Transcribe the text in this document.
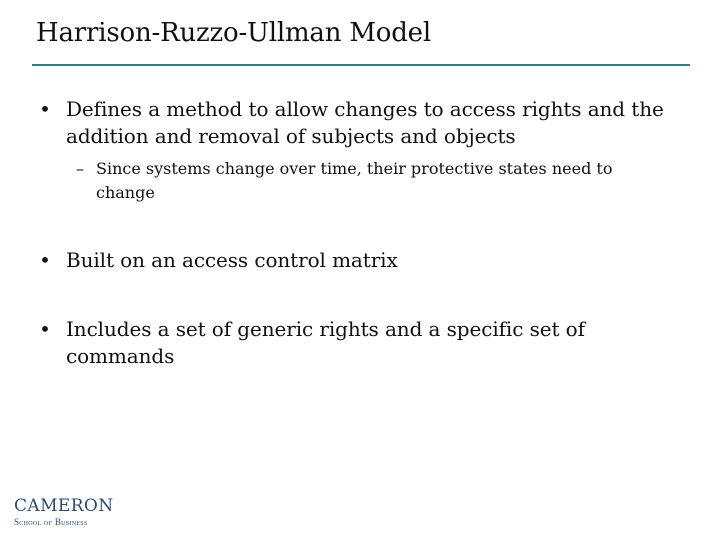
Harrison-Ruzzo-Ullman Model
• Defines a method to allow changes to access rights and the addition and removal of subjects and objects
– Since systems change over time, their protective states need to change
• Built on an access control matrix
• Includes a set of generic rights and a specific set of commands
CAMERON
School of Business
